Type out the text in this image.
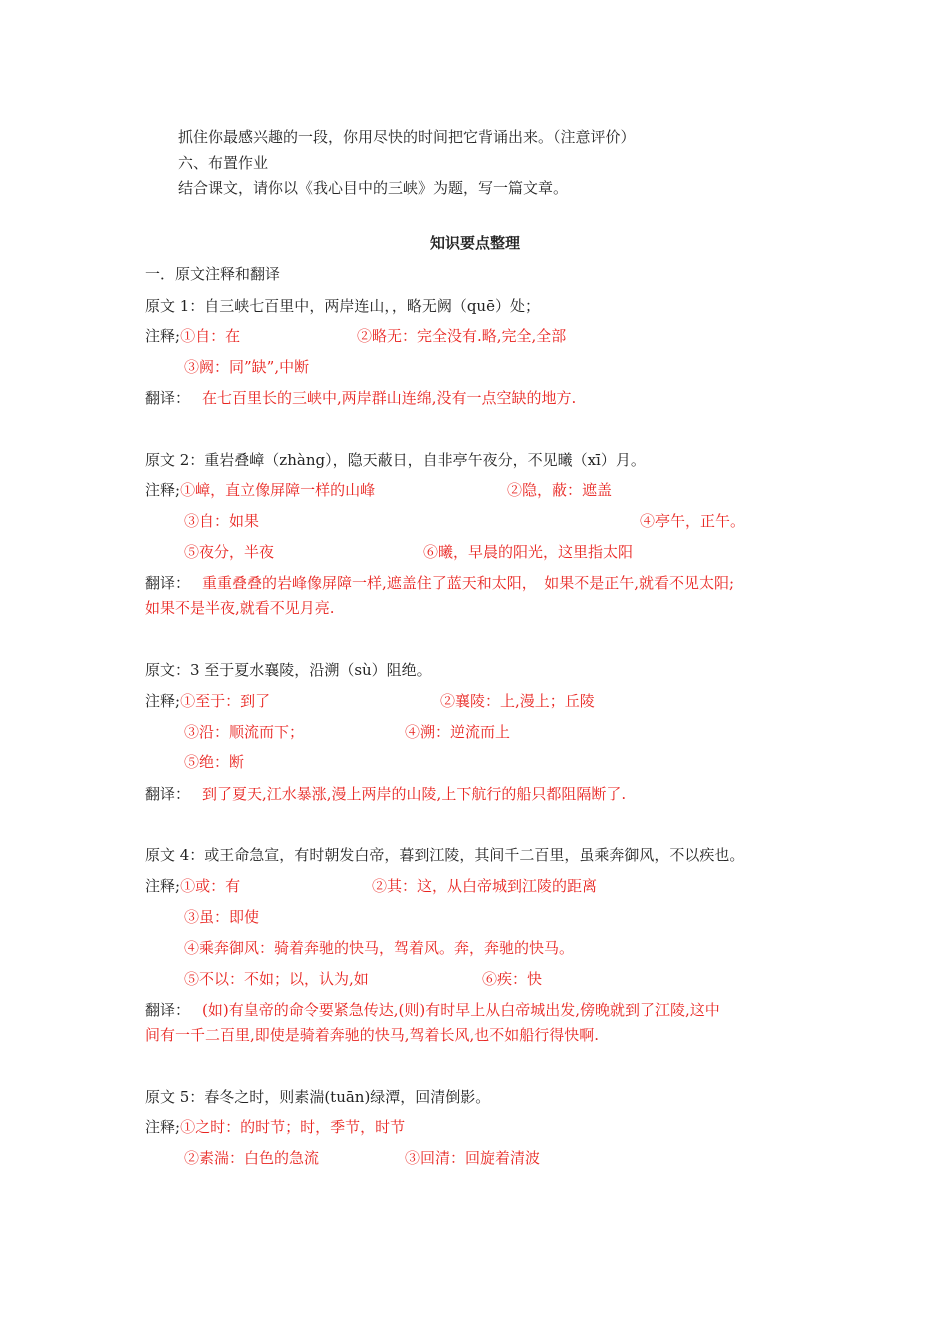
抓住你最感兴趣的一段，你用尽快的时间把它背诵出来。（注意评价）
六、布置作业
结合课文，请你以《我心目中的三峡》为题，写一篇文章。
知识要点整理
一．原文注释和翻译
原文 1：自三峡七百里中，两岸连山，，略无阙（quē）处；
注释;①自：在	②略无：完全没有.略,完全,全部
③阙：同”缺”,中断
翻译： 在七百里长的三峡中,两岸群山连绵,没有一点空缺的地方.
原文 2：重岩叠嶂（zhàng），隐天蔽日，自非亭午夜分，不见曦（xī）月。
注释;①嶂，直立像屏障一样的山峰	②隐，蔽：遮盖
③自：如果	④亭午，正午。
⑤夜分，半夜	⑥曦，早晨的阳光，这里指太阳
翻译： 重重叠叠的岩峰像屏障一样,遮盖住了蓝天和太阳，　如果不是正午,就看不见太阳;
如果不是半夜,就看不见月亮.
原文：3 至于夏水襄陵，沿溯（sù）阻绝。
注释;①至于：到了	②襄陵：上,漫上；丘陵
③沿：顺流而下；	④溯：逆流而上
⑤绝：断
翻译： 到了夏天,江水暴涨,漫上两岸的山陵,上下航行的船只都阻隔断了.
原文 4：或王命急宣，有时朝发白帝，暮到江陵，其间千二百里，虽乘奔御风，不以疾也。
注释;①或：有	②其：这，从白帝城到江陵的距离
③虽：即使
④乘奔御风：骑着奔驰的快马，驾着风。奔，奔驰的快马。
⑤不以：不如；以，认为,如	⑥疾：快
翻译： (如)有皇帝的命令要紧急传达,(则)有时早上从白帝城出发,傍晚就到了江陵,这中
间有一千二百里,即使是骑着奔驰的快马,驾着长风,也不如船行得快啊.
原文 5：春冬之时，则素湍(tuān)绿潭，回清倒影。
注释;①之时：的时节；时，季节，时节
②素湍：白色的急流	③回清：回旋着清波
